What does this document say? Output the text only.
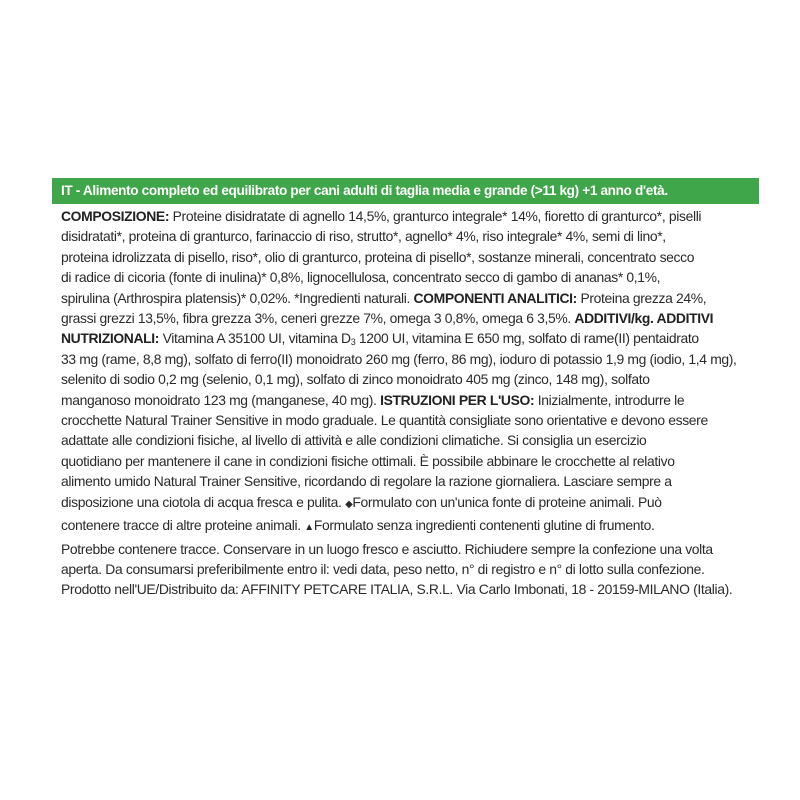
IT - Alimento completo ed equilibrato per cani adulti di taglia media e grande (>11 kg) +1 anno d'età.
COMPOSIZIONE: Proteine disidratate di agnello 14,5%, granturco integrale* 14%, fioretto di granturco*, piselli
disidratati*, proteina di granturco, farinaccio di riso, strutto*, agnello* 4%, riso integrale* 4%, semi di lino*,
proteina idrolizzata di pisello, riso*, olio di granturco, proteina di pisello*, sostanze minerali, concentrato secco
di radice di cicoria (fonte di inulina)* 0,8%, lignocellulosa, concentrato secco di gambo di ananas* 0,1%,
spirulina (Arthrospira platensis)* 0,02%. *Ingredienti naturali. COMPONENTI ANALITICI: Proteina grezza 24%,
grassi grezzi 13,5%, fibra grezza 3%, ceneri grezze 7%, omega 3 0,8%, omega 6 3,5%. ADDITIVI/kg. ADDITIVI
NUTRIZIONALI: Vitamina A 35100 UI, vitamina $D_3$ 1200 UI, vitamina E 650 mg, solfato di rame(II) pentaidrato
33 mg (rame, 8,8 mg), solfato di ferro(II) monoidrato 260 mg (ferro, 86 mg), ioduro di potassio 1,9 mg (iodio, 1,4 mg),
selenito di sodio 0,2 mg (selenio, 0,1 mg), solfato di zinco monoidrato 405 mg (zinco, 148 mg), solfato
manganoso monoidrato 123 mg (manganese, 40 mg). ISTRUZIONI PER L'USO: Inizialmente, introdurre le
crocchette Natural Trainer Sensitive in modo graduale. Le quantità consigliate sono orientative e devono essere
adattate alle condizioni fisiche, al livello di attività e alle condizioni climatiche. Si consiglia un esercizio
quotidiano per mantenere il cane in condizioni fisiche ottimali. È possibile abbinare le crocchette al relativo
alimento umido Natural Trainer Sensitive, ricordando di regolare la razione giornaliera. Lasciare sempre a
disposizione una ciotola di acqua fresca e pulita. ◆Formulato con un'unica fonte di proteine animali. Può
contenere tracce di altre proteine animali. ▲Formulato senza ingredienti contenenti glutine di frumento.
Potrebbe contenere tracce. Conservare in un luogo fresco e asciutto. Richiudere sempre la confezione una volta
aperta. Da consumarsi preferibilmente entro il: vedi data, peso netto, n° di registro e n° di lotto sulla confezione.
Prodotto nell'UE/Distribuito da: AFFINITY PETCARE ITALIA, S.R.L. Via Carlo Imbonati, 18 - 20159-MILANO (Italia).
